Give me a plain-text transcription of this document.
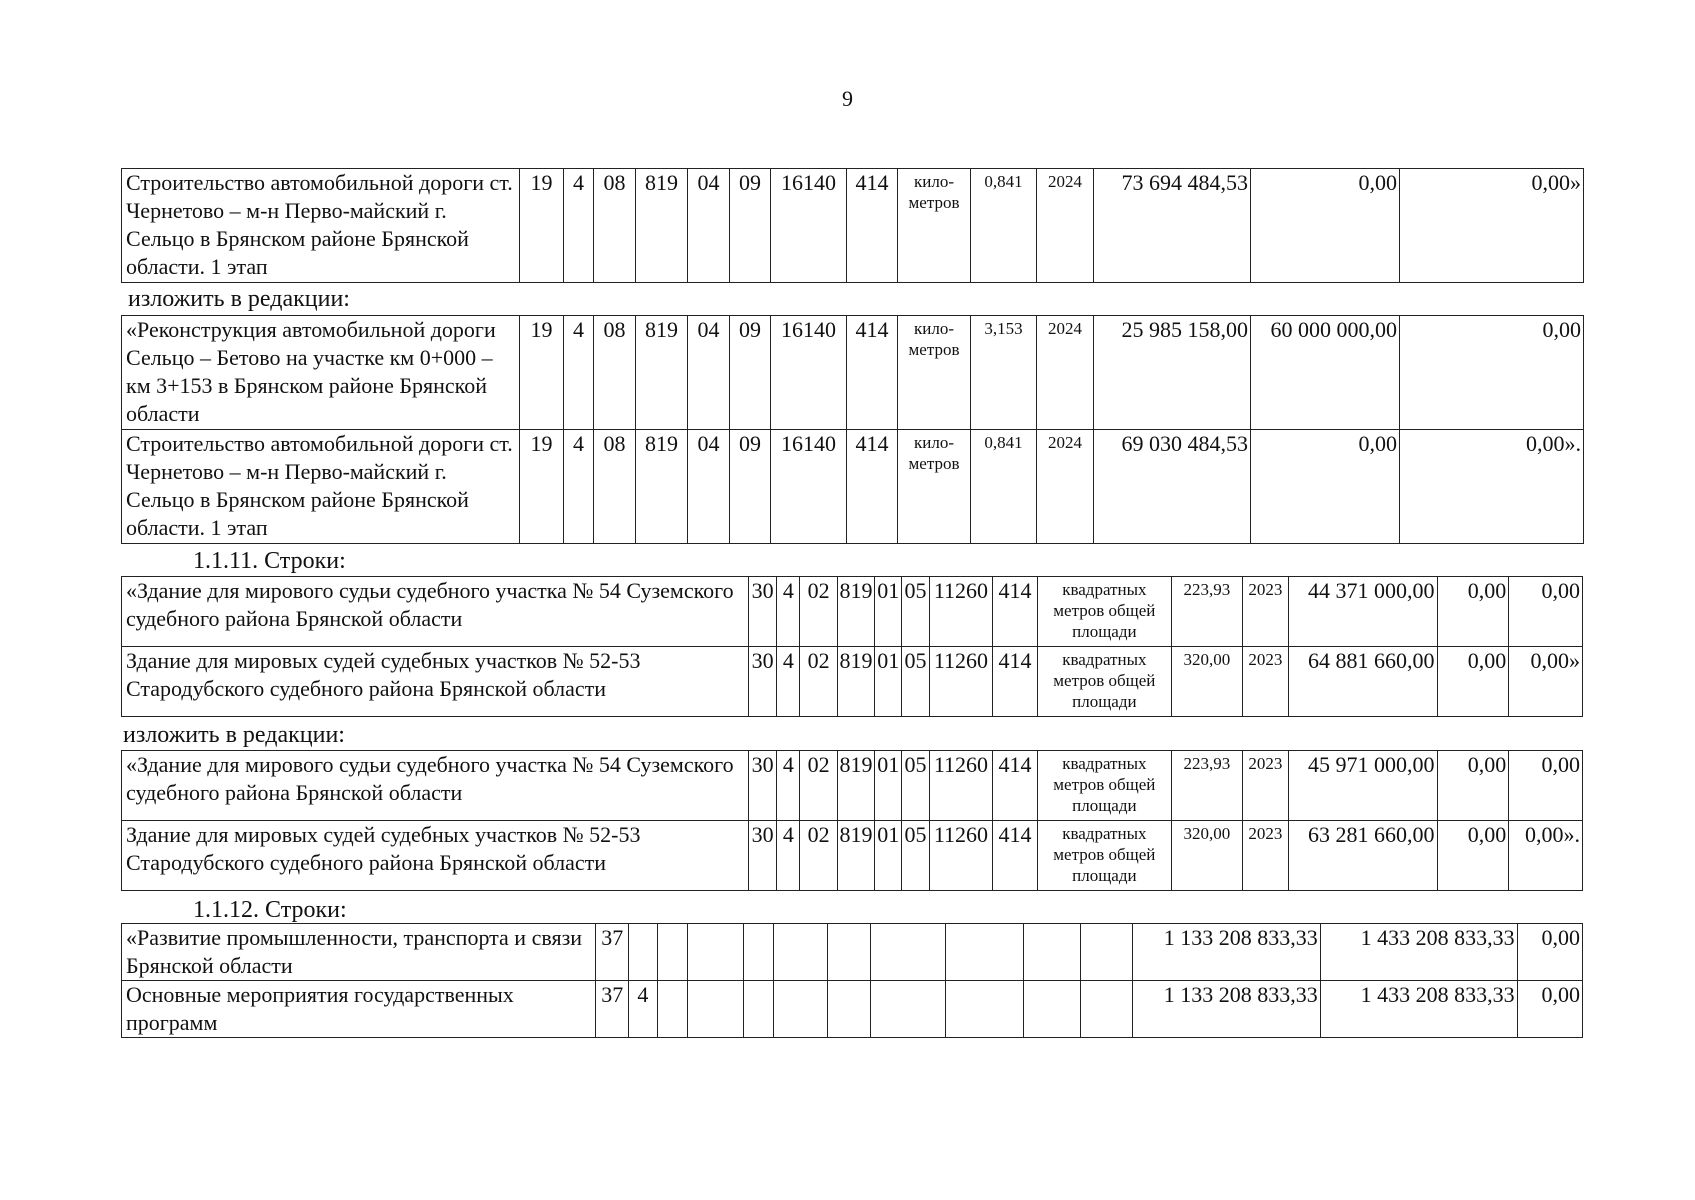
9
Строительство автомобильной дороги ст. Чернетово – м-н Перво-майский г. Сельцо в Брянском районе Брянской области. 1 этап	19	4	08	819	04	09	16140	414	кило-метров	0,841	2024	73 694 484,53	0,00	0,00»
изложить в редакции:
«Реконструкция автомобильной дороги Сельцо – Бетово на участке км 0+000 – км 3+153 в Брянском районе Брянской области	19	4	08	819	04	09	16140	414	кило-метров	3,153	2024	25 985 158,00	60 000 000,00	0,00
Строительство автомобильной дороги ст. Чернетово – м-н Перво-майский г. Сельцо в Брянском районе Брянской области. 1 этап	19	4	08	819	04	09	16140	414	кило-метров	0,841	2024	69 030 484,53	0,00	0,00».
1.1.11. Строки:
«Здание для мирового судьи судебного участка № 54 Суземского судебного района Брянской области	30	4	02	819	01	05	11260	414	квадратных метров общей площади	223,93	2023	44 371 000,00	0,00	0,00
Здание для мировых судей судебных участков № 52-53 Стародубского судебного района Брянской области	30	4	02	819	01	05	11260	414	квадратных метров общей площади	320,00	2023	64 881 660,00	0,00	0,00»
изложить в редакции:
«Здание для мирового судьи судебного участка № 54 Суземского судебного района Брянской области	30	4	02	819	01	05	11260	414	квадратных метров общей площади	223,93	2023	45 971 000,00	0,00	0,00
Здание для мировых судей судебных участков № 52-53 Стародубского судебного района Брянской области	30	4	02	819	01	05	11260	414	квадратных метров общей площади	320,00	2023	63 281 660,00	0,00	0,00».
1.1.12. Строки:
«Развитие промышленности, транспорта и связи Брянской области	37											1 133 208 833,33	1 433 208 833,33	0,00
Основные мероприятия государственных программ	37	4										1 133 208 833,33	1 433 208 833,33	0,00
